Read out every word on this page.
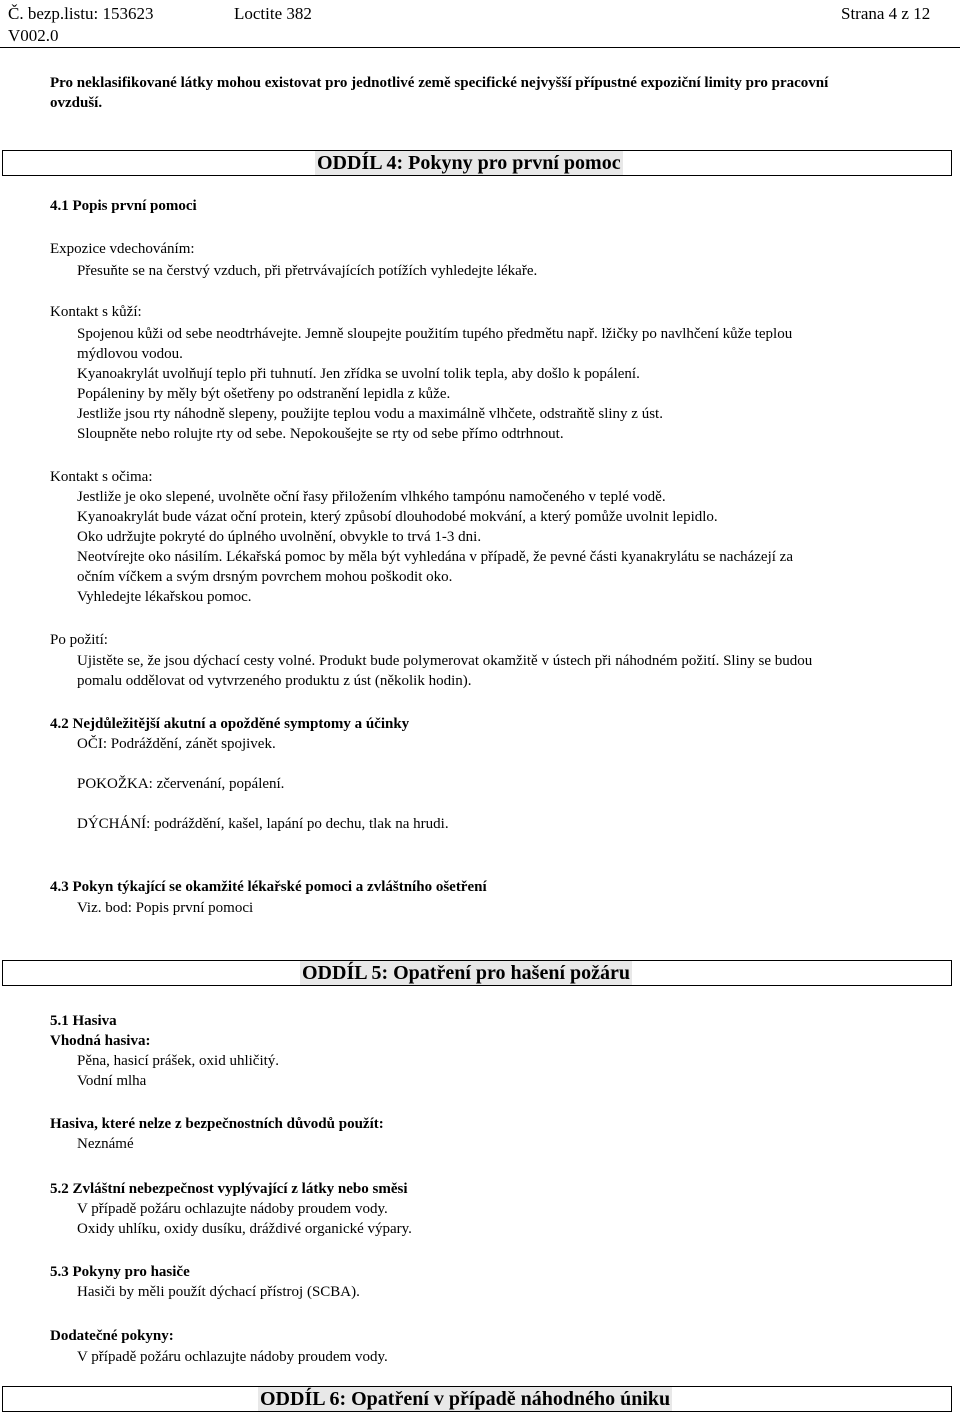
Č. bezp.listu: 153623	Loctite 382	Strana 4 z 12
V002.0
Pro neklasifikované látky mohou existovat pro jednotlivé země specifické nejvyšší přípustné expoziční limity pro pracovní
ovzduší.
ODDÍL 4: Pokyny pro první pomoc
4.1 Popis první pomoci
Expozice vdechováním:
Přesuňte se na čerstvý vzduch, při přetrvávajících potížích vyhledejte lékaře.
Kontakt s kůží:
Spojenou kůži od sebe neodtrhávejte. Jemně sloupejte použitím tupého předmětu např. lžičky po navlhčení kůže teplou
mýdlovou vodou.
Kyanoakrylát uvolňují teplo při tuhnutí. Jen zřídka se uvolní tolik tepla, aby došlo k popálení.
Popáleniny by měly být ošetřeny po odstranění lepidla z kůže.
Jestliže jsou rty náhodně slepeny, použijte teplou vodu a maximálně vlhčete, odstraňtě sliny z úst.
Sloupněte nebo rolujte rty od sebe. Nepokoušejte se rty od sebe přímo odtrhnout.
Kontakt s očima:
Jestliže je oko slepené, uvolněte oční řasy přiložením vlhkého tampónu namočeného v teplé vodě.
Kyanoakrylát bude vázat oční protein, který způsobí dlouhodobé mokvání, a který pomůže uvolnit lepidlo.
Oko udržujte pokryté do úplného uvolnění, obvykle to trvá 1-3 dni.
Neotvírejte oko násilím. Lékařská pomoc by měla být vyhledána v případě, že pevné části kyanakrylátu se nacházejí za
očním víčkem a svým drsným povrchem mohou poškodit oko.
Vyhledejte lékařskou pomoc.
Po požití:
Ujistěte se, že jsou dýchací cesty volné. Produkt bude polymerovat okamžitě v ústech při náhodném požití. Sliny se budou
pomalu oddělovat od vytvrzeného produktu z úst (několik hodin).
4.2 Nejdůležitější akutní a opožděné symptomy a účinky
OČI: Podráždění, zánět spojivek.
POKOŽKA: zčervenání, popálení.
DÝCHÁNÍ: podráždění, kašel, lapání po dechu, tlak na hrudi.
4.3 Pokyn týkající se okamžité lékařské pomoci a zvláštního ošetření
Viz. bod: Popis první pomoci
ODDÍL 5: Opatření pro hašení požáru
5.1 Hasiva
Vhodná hasiva:
Pěna, hasicí prášek, oxid uhličitý.
Vodní mlha
Hasiva, které nelze z bezpečnostních důvodů použít:
Neznámé
5.2 Zvláštní nebezpečnost vyplývající z látky nebo směsi
V případě požáru ochlazujte nádoby proudem vody.
Oxidy uhlíku, oxidy dusíku, dráždivé organické výpary.
5.3 Pokyny pro hasiče
Hasiči by měli použít dýchací přístroj (SCBA).
Dodatečné pokyny:
V případě požáru ochlazujte nádoby proudem vody.
ODDÍL 6: Opatření v případě náhodného úniku
